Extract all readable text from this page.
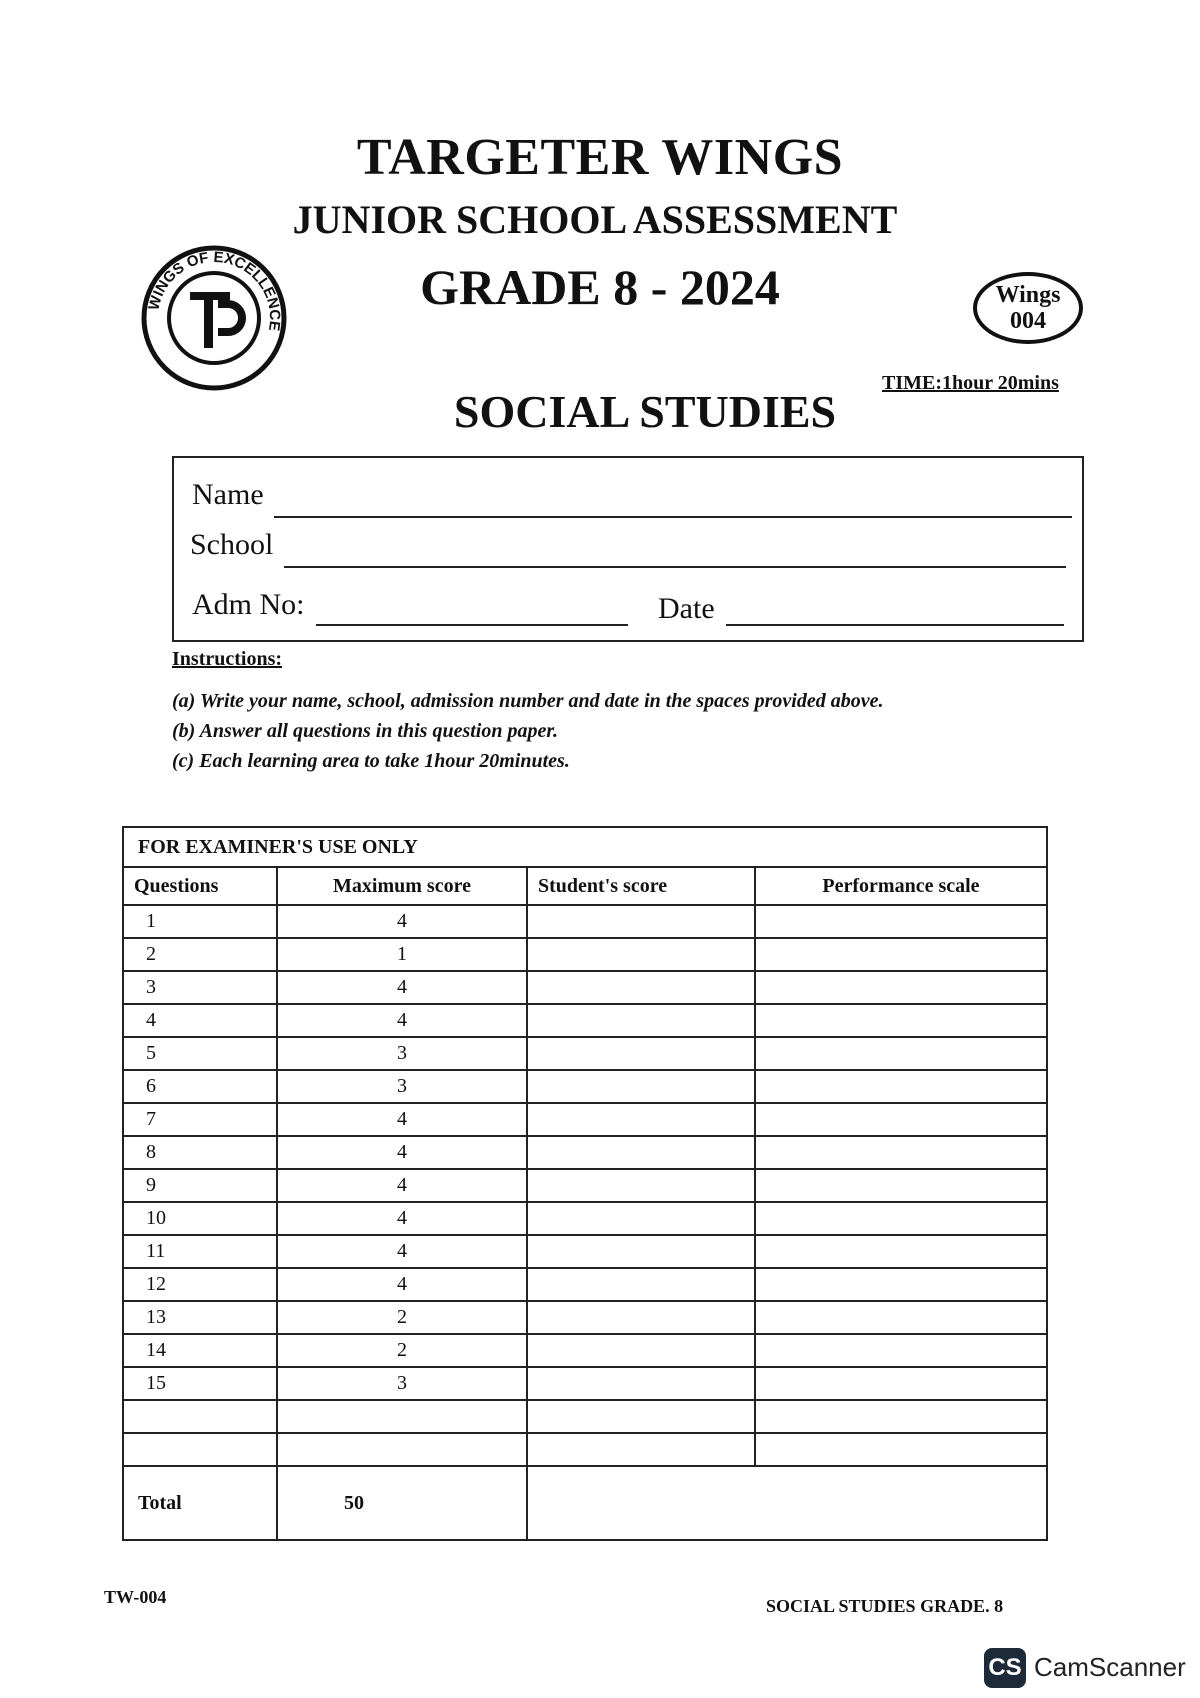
TARGETER WINGS
JUNIOR SCHOOL ASSESSMENT
GRADE 8 - 2024
WINGS OF EXCELLENCE
Wings
004
TIME:1hour 20mins
SOCIAL STUDIES
Name
School
Adm No:	Date
Instructions:
(a) Write your name, school, admission number and date in the spaces provided above.
(b) Answer all questions in this question paper.
(c) Each learning area to take 1hour 20minutes.
FOR EXAMINER'S USE ONLY			
Questions	Maximum score	Student's score	Performance scale
1	4		
2	1		
3	4		
4	4		
5	3		
6	3		
7	4		
8	4		
9	4		
10	4		
11	4		
12	4		
13	2		
14	2		
15	3		

Total	50		
TW-004	SOCIAL STUDIES GRADE. 8
CS CamScanner
